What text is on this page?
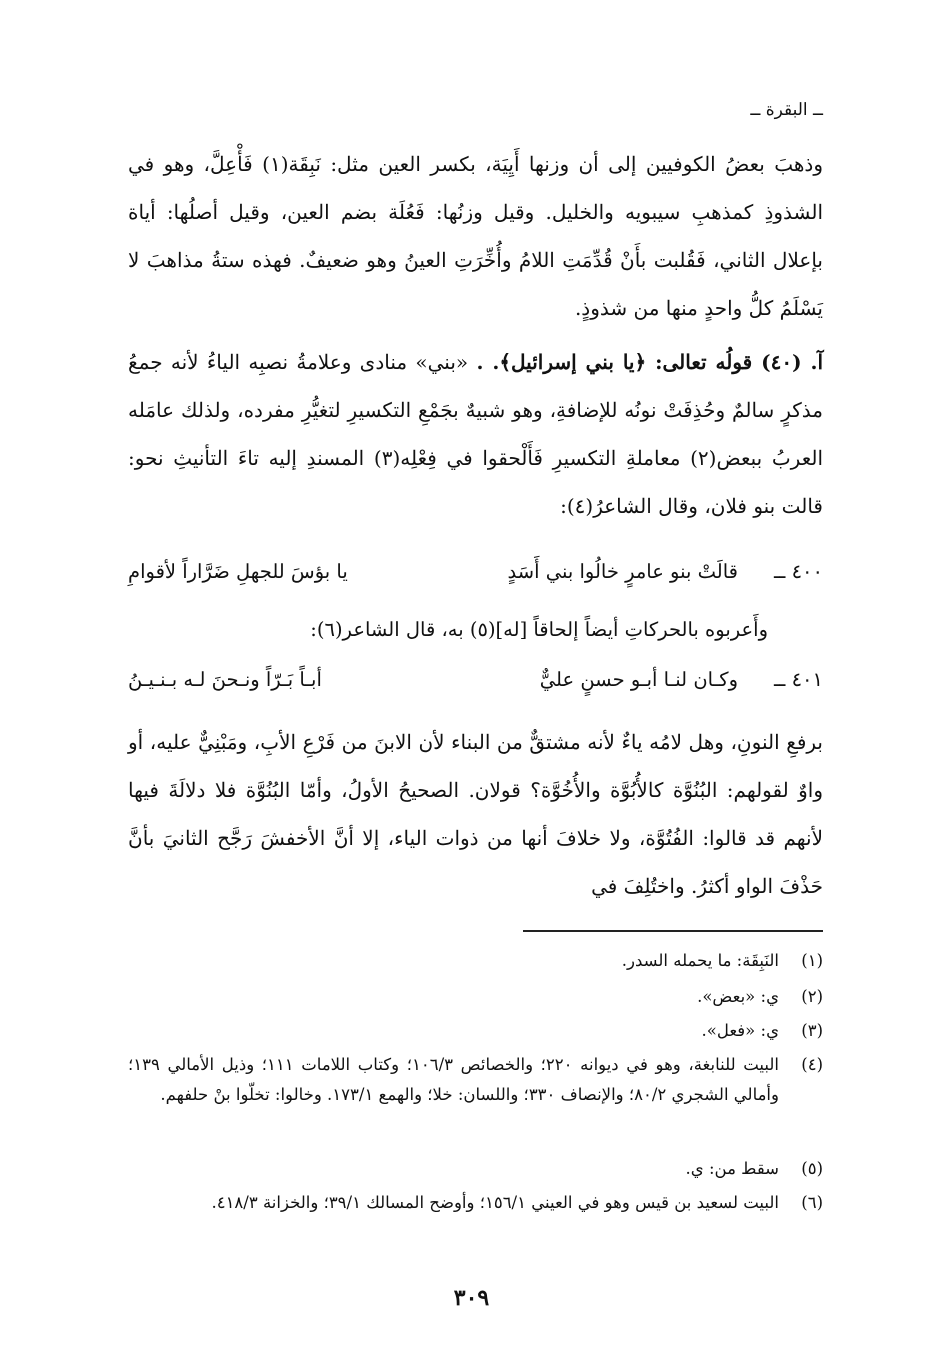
ــ البقرة ــ

وذهبَ بعضُ الكوفيين إلى أن وزنها أَيِيَة، بكسر العين مثل: نَبِقَة(١) فَأْعِلَّ، وهو في الشذوذِ كمذهبِ سيبويه والخليل. وقيل وزنُها: فَعُلَة بضم العين، وقيل أصلُها: أياة بإعلال الثاني، فَقُلبت بأَنْ قُدِّمَتِ اللامُ وأُخِّرَتِ العينُ وهو ضعيفٌ. فهذه ستةُ مذاهبَ لا يَسْلَمُ كلُّ واحدٍ منها من شذوذٍ.

آ. (٤٠) قولُه تعالى: ﴿يا بني إسرائيل﴾. . «بني» منادى وعلامةُ نصبِه الياءُ لأنه جمعُ مذكرٍ سالمٌ وحُذِفَتْ نونُه للإضافةِ، وهو شبيهٌ بجَمْعِ التكسيرِ لتغيُّرِ مفرده، ولذلك عامَله العربُ ببعض(٢) معاملةِ التكسيرِ فَأَلْحقوا في فِعْلِه(٣) المسندِ إليه تاءَ التأنيثِ نحو: قالت بنو فلان، وقال الشاعرُ(٤):

٤٠٠ ــ
قالَتْ بنو عامرٍ خالُوا بني أَسَدٍ
يا بؤسَ للجهلِ ضَرَّاراً لأقوامِ
وأَعربوه بالحركاتِ أيضاً إلحاقاً [له](٥) به، قال الشاعر(٦):
٤٠١ ــ
وكـان لنـا أبـو حسنٍ عليٌّ
أبـاً بَـرّاً ونـحنَ لـه بـنـيـنُ

برفعِ النونِ، وهل لامُه ياءٌ لأنه مشتقٌّ من البناء لأن الابنَ من فَرْعِ الأبِ، ومَبْنِيٌّ عليه، أو واوٌ لقولهم: البُنُوَّة كالأُبُوَّة والأُخُوَّة؟ قولان. الصحيحُ الأولُ، وأمّا البُنُوَّة فلا دلالَةَ فيها لأنهم قد قالوا: الفُتُوَّة، ولا خلافَ أنها من ذوات الياء، إلا أنَّ الأخفشَ رَجَّح الثانيَ بأنَّ حَذْفَ الواو أكثرُ. واختُلِفَ في

(١)
النَبِقَة: ما يحمله السدر.
(٢)
ي: «بعض».
(٣)
ي: «فعل».
(٤)
البيت للنابغة، وهو في ديوانه ٢٢٠؛ والخصائص ١٠٦/٣؛ وكتاب اللامات ١١١؛ وذيل الأمالي ١٣٩؛ وأمالي الشجري ٨٠/٢؛ والإنصاف ٣٣٠؛ واللسان: خلا؛ والهمع ١٧٣/١. وخالوا: تخلّوا بنْ حلفهم.
(٥)
سقط من: ي.
(٦)
البيت لسعيد بن قيس وهو في العيني ١٥٦/١؛ وأوضح المسالك ٣٩/١؛ والخزانة ٤١٨/٣.
٣٠٩
